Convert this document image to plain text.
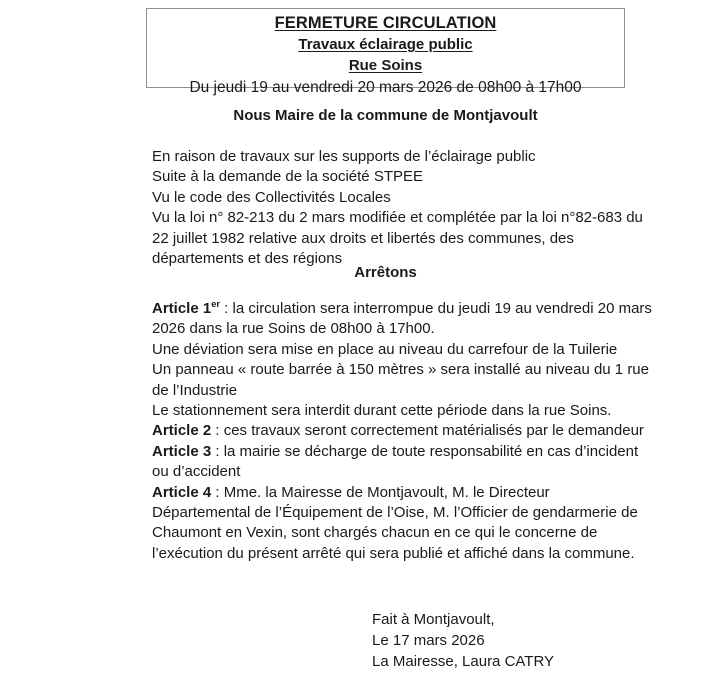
FERMETURE CIRCULATION
Travaux éclairage public
Rue Soins
Du jeudi 19 au vendredi 20 mars 2026 de 08h00 à 17h00
Nous Maire de la commune de Montjavoult
En raison de travaux sur les supports de l’éclairage public
Suite à la demande de la société STPEE
Vu le code des Collectivités Locales
Vu la loi n° 82-213 du 2 mars modifiée et complétée par la loi n°82-683 du
22 juillet 1982 relative aux droits et libertés des communes, des
départements et des régions
Arrêtons
Article 1er : la circulation sera interrompue du jeudi 19 au vendredi 20 mars
2026 dans la rue Soins de 08h00 à 17h00.
Une déviation sera mise en place au niveau du carrefour de la Tuilerie
Un panneau « route barrée à 150 mètres » sera installé au niveau du 1 rue
de l’Industrie
Le stationnement sera interdit durant cette période dans la rue Soins.
Article 2 : ces travaux seront correctement matérialisés par le demandeur
Article 3 : la mairie se décharge de toute responsabilité en cas d’incident
ou d’accident
Article 4 : Mme. la Mairesse de Montjavoult, M. le Directeur
Départemental de l’Équipement de l’Oise, M. l’Officier de gendarmerie de
Chaumont en Vexin, sont chargés chacun en ce qui le concerne de
l’exécution du présent arrêté qui sera publié et affiché dans la commune.
Fait à Montjavoult,
Le 17 mars 2026
La Mairesse, Laura CATRY
